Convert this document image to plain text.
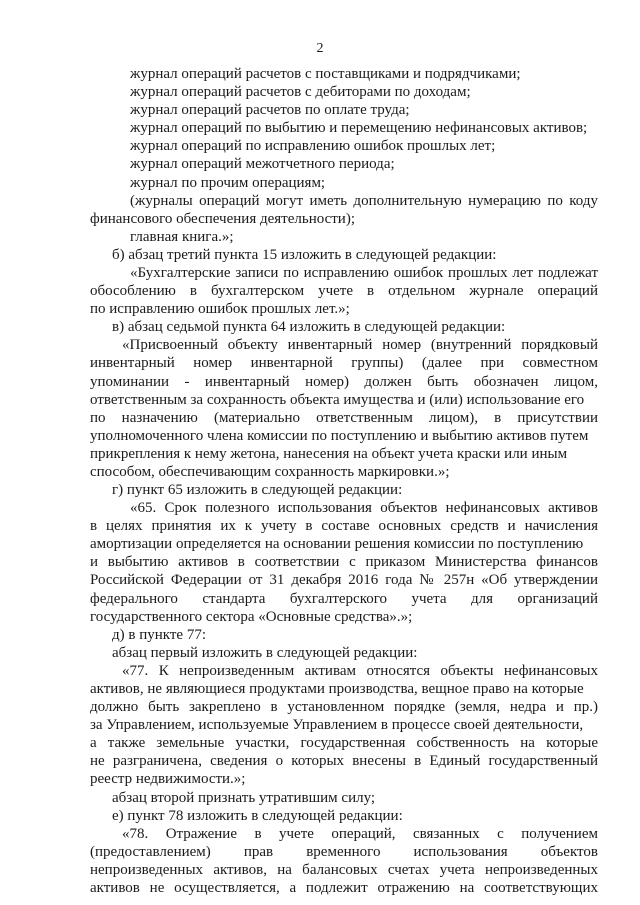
2
журнал операций расчетов с поставщиками и подрядчиками;
журнал операций расчетов с дебиторами по доходам;
журнал операций расчетов по оплате труда;
журнал операций по выбытию и перемещению нефинансовых активов;
журнал операций по исправлению ошибок прошлых лет;
журнал операций межотчетного периода;
журнал по прочим операциям;
(журналы операций могут иметь дополнительную нумерацию по коду
финансового обеспечения деятельности);
главная книга.»;
б) абзац третий пункта 15 изложить в следующей редакции:
«Бухгалтерские записи по исправлению ошибок прошлых лет подлежат
обособлению в бухгалтерском учете в отдельном журнале операций
по исправлению ошибок прошлых лет.»;
в) абзац седьмой пункта 64 изложить в следующей редакции:
«Присвоенный объекту инвентарный номер (внутренний порядковый
инвентарный номер инвентарной группы) (далее при совместном
упоминании - инвентарный номер) должен быть обозначен лицом,
ответственным за сохранность объекта имущества и (или) использование его
по назначению (материально ответственным лицом), в присутствии
уполномоченного члена комиссии по поступлению и выбытию активов путем
прикрепления к нему жетона, нанесения на объект учета краски или иным
способом, обеспечивающим сохранность маркировки.»;
г) пункт 65 изложить в следующей редакции:
«65. Срок полезного использования объектов нефинансовых активов
в целях принятия их к учету в составе основных средств и начисления
амортизации определяется на основании решения комиссии по поступлению
и выбытию активов в соответствии с приказом Министерства финансов
Российской Федерации от 31 декабря 2016 года № 257н «Об утверждении
федерального стандарта бухгалтерского учета для организаций
государственного сектора «Основные средства».»;
д) в пункте 77:
абзац первый изложить в следующей редакции:
«77. К непроизведенным активам относятся объекты нефинансовых
активов, не являющиеся продуктами производства, вещное право на которые
должно быть закреплено в установленном порядке (земля, недра и пр.)
за Управлением, используемые Управлением в процессе своей деятельности,
а также земельные участки, государственная собственность на которые
не разграничена, сведения о которых внесены в Единый государственный
реестр недвижимости.»;
абзац второй признать утратившим силу;
е) пункт 78 изложить в следующей редакции:
«78. Отражение в учете операций, связанных с получением
(предоставлением) прав временного использования объектов
непроизведенных активов, на балансовых счетах учета непроизведенных
активов не осуществляется, а подлежит отражению на соответствующих
